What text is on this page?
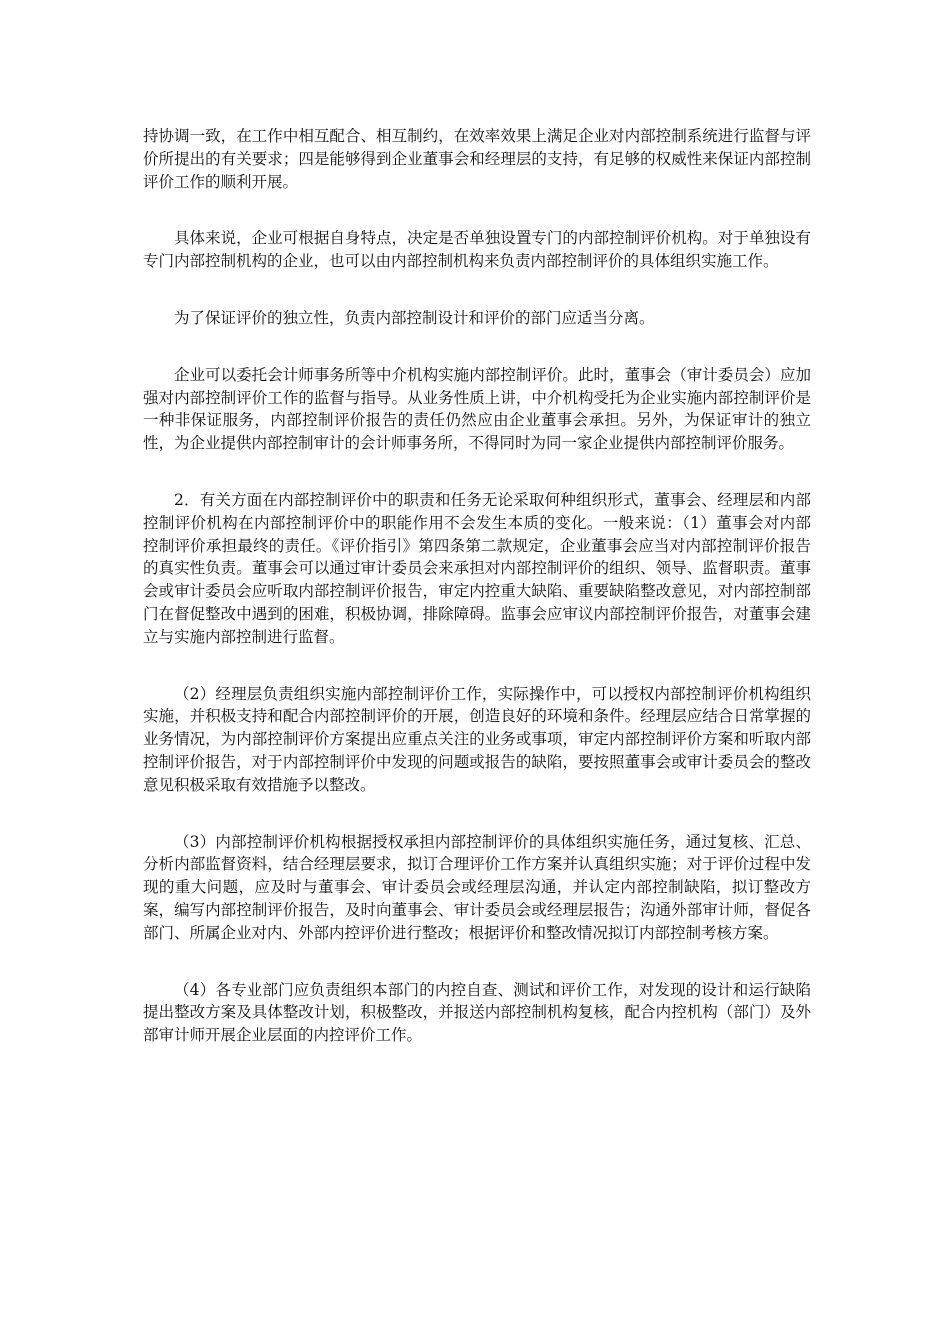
持协调一致，在工作中相互配合、相互制约，在效率效果上满足企业对内部控制系统进行监督与评价所提出的有关要求；四是能够得到企业董事会和经理层的支持，有足够的权威性来保证内部控制评价工作的顺利开展。

具体来说，企业可根据自身特点，决定是否单独设置专门的内部控制评价机构。对于单独设有专门内部控制机构的企业，也可以由内部控制机构来负责内部控制评价的具体组织实施工作。

为了保证评价的独立性，负责内部控制设计和评价的部门应适当分离。

企业可以委托会计师事务所等中介机构实施内部控制评价。此时，董事会（审计委员会）应加强对内部控制评价工作的监督与指导。从业务性质上讲，中介机构受托为企业实施内部控制评价是一种非保证服务，内部控制评价报告的责任仍然应由企业董事会承担。另外，为保证审计的独立性，为企业提供内部控制审计的会计师事务所，不得同时为同一家企业提供内部控制评价服务。

2．有关方面在内部控制评价中的职责和任务无论采取何种组织形式，董事会、经理层和内部控制评价机构在内部控制评价中的职能作用不会发生本质的变化。一般来说：（1）董事会对内部控制评价承担最终的责任。《评价指引》第四条第二款规定，企业董事会应当对内部控制评价报告的真实性负责。董事会可以通过审计委员会来承担对内部控制评价的组织、领导、监督职责。董事会或审计委员会应听取内部控制评价报告，审定内控重大缺陷、重要缺陷整改意见，对内部控制部门在督促整改中遇到的困难，积极协调，排除障碍。监事会应审议内部控制评价报告，对董事会建立与实施内部控制进行监督。

（2）经理层负责组织实施内部控制评价工作，实际操作中，可以授权内部控制评价机构组织实施，并积极支持和配合内部控制评价的开展，创造良好的环境和条件。经理层应结合日常掌握的业务情况，为内部控制评价方案提出应重点关注的业务或事项，审定内部控制评价方案和听取内部控制评价报告，对于内部控制评价中发现的问题或报告的缺陷，要按照董事会或审计委员会的整改意见积极采取有效措施予以整改。

（3）内部控制评价机构根据授权承担内部控制评价的具体组织实施任务，通过复核、汇总、分析内部监督资料，结合经理层要求，拟订合理评价工作方案并认真组织实施；对于评价过程中发现的重大问题，应及时与董事会、审计委员会或经理层沟通，并认定内部控制缺陷，拟订整改方案，编写内部控制评价报告，及时向董事会、审计委员会或经理层报告；沟通外部审计师，督促各部门、所属企业对内、外部内控评价进行整改；根据评价和整改情况拟订内部控制考核方案。

（4）各专业部门应负责组织本部门的内控自查、测试和评价工作，对发现的设计和运行缺陷提出整改方案及具体整改计划，积极整改，并报送内部控制机构复核，配合内控机构（部门）及外部审计师开展企业层面的内控评价工作。
